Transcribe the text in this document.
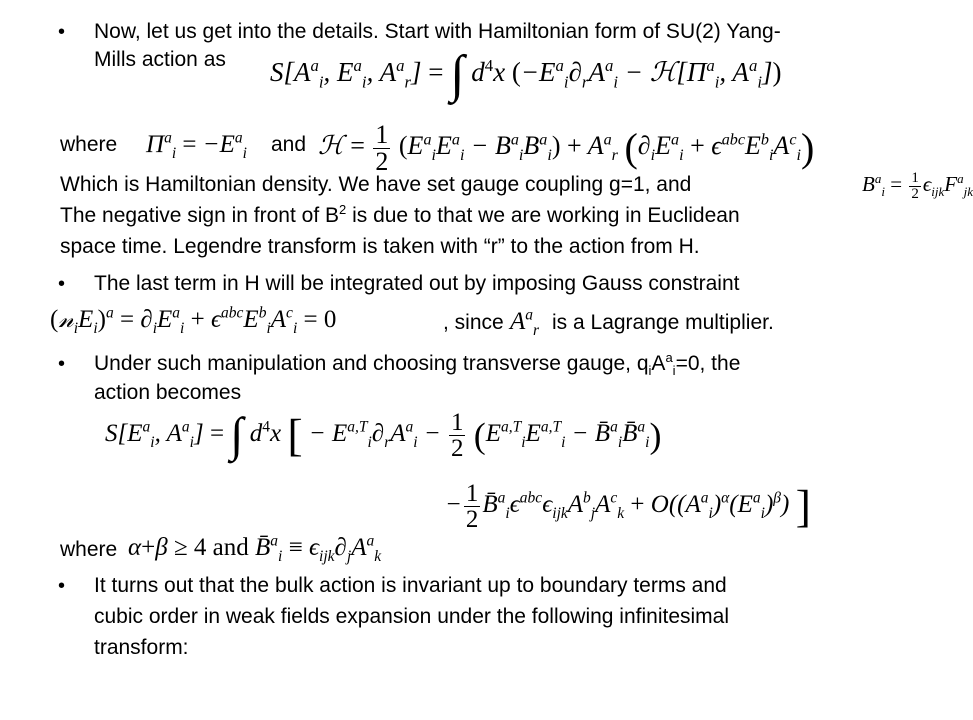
• Now, let us get into the details. Start with Hamiltonian form of SU(2) Yang-
Mills action as $S[A^a_i$, $E^a_i$, $A^a_r$] = ∫ $d^4x$ ($-E^a_i\partial_rA^a_i$ − $ℋ[\Pi^a_i$, $A^a_i$])
where $\Pi^a_i = -E^a_i$ and ℋ = $\frac{1}{2} (E^a_iE^a_i - B^a_iB^a_i) + A^a_r$ $(\partial_iE^a_i + \epsilon^{abc}E^b_iA^c_i)$
Which is Hamiltonian density. We have set gauge coupling g=1, and	$B^a_i = \frac{1}{2} \epsilon_{ijk}F^a_{jk}$
The negative sign in front of $B^2$ is due to that we are working in Euclidean
space time. Legendre transform is taken with “r” to the action from H.
• The last term in H will be integrated out by imposing Gauss constraint
$(𝓃_iE_i)^a = \partial_iE^a_i + \epsilon^{abc}E^b_iA^c_i = 0$	, since $A^a_r$ is a Lagrange multiplier.
• Under such manipulation and choosing transverse gauge, $q_iA^a_i=0$, the
action becomes
$S[E^a_i$, $A^a_i$] = ∫ $d^4x$ [ − $E^{a,T}_i\partial_rA^a_i - \frac{1}{2} (E^{a,T}_iE^{a,T}_i$ − B̄$^a_i$B̄$^a_i$)
− $\frac{1}{2}$ $B̄^a_i\epsilon^{abc}\epsilon_{ijk}A^b_jA^c_k + O((A^a_i)^\alpha(E^a_i)^\beta)$ ]
where α+β ≥ 4 and B̄$^a_i$ ≡ $\epsilon_{ijk}\partial_jA^a_k$
• It turns out that the bulk action is invariant up to boundary terms and
cubic order in weak fields expansion under the following infinitesimal
transform:
